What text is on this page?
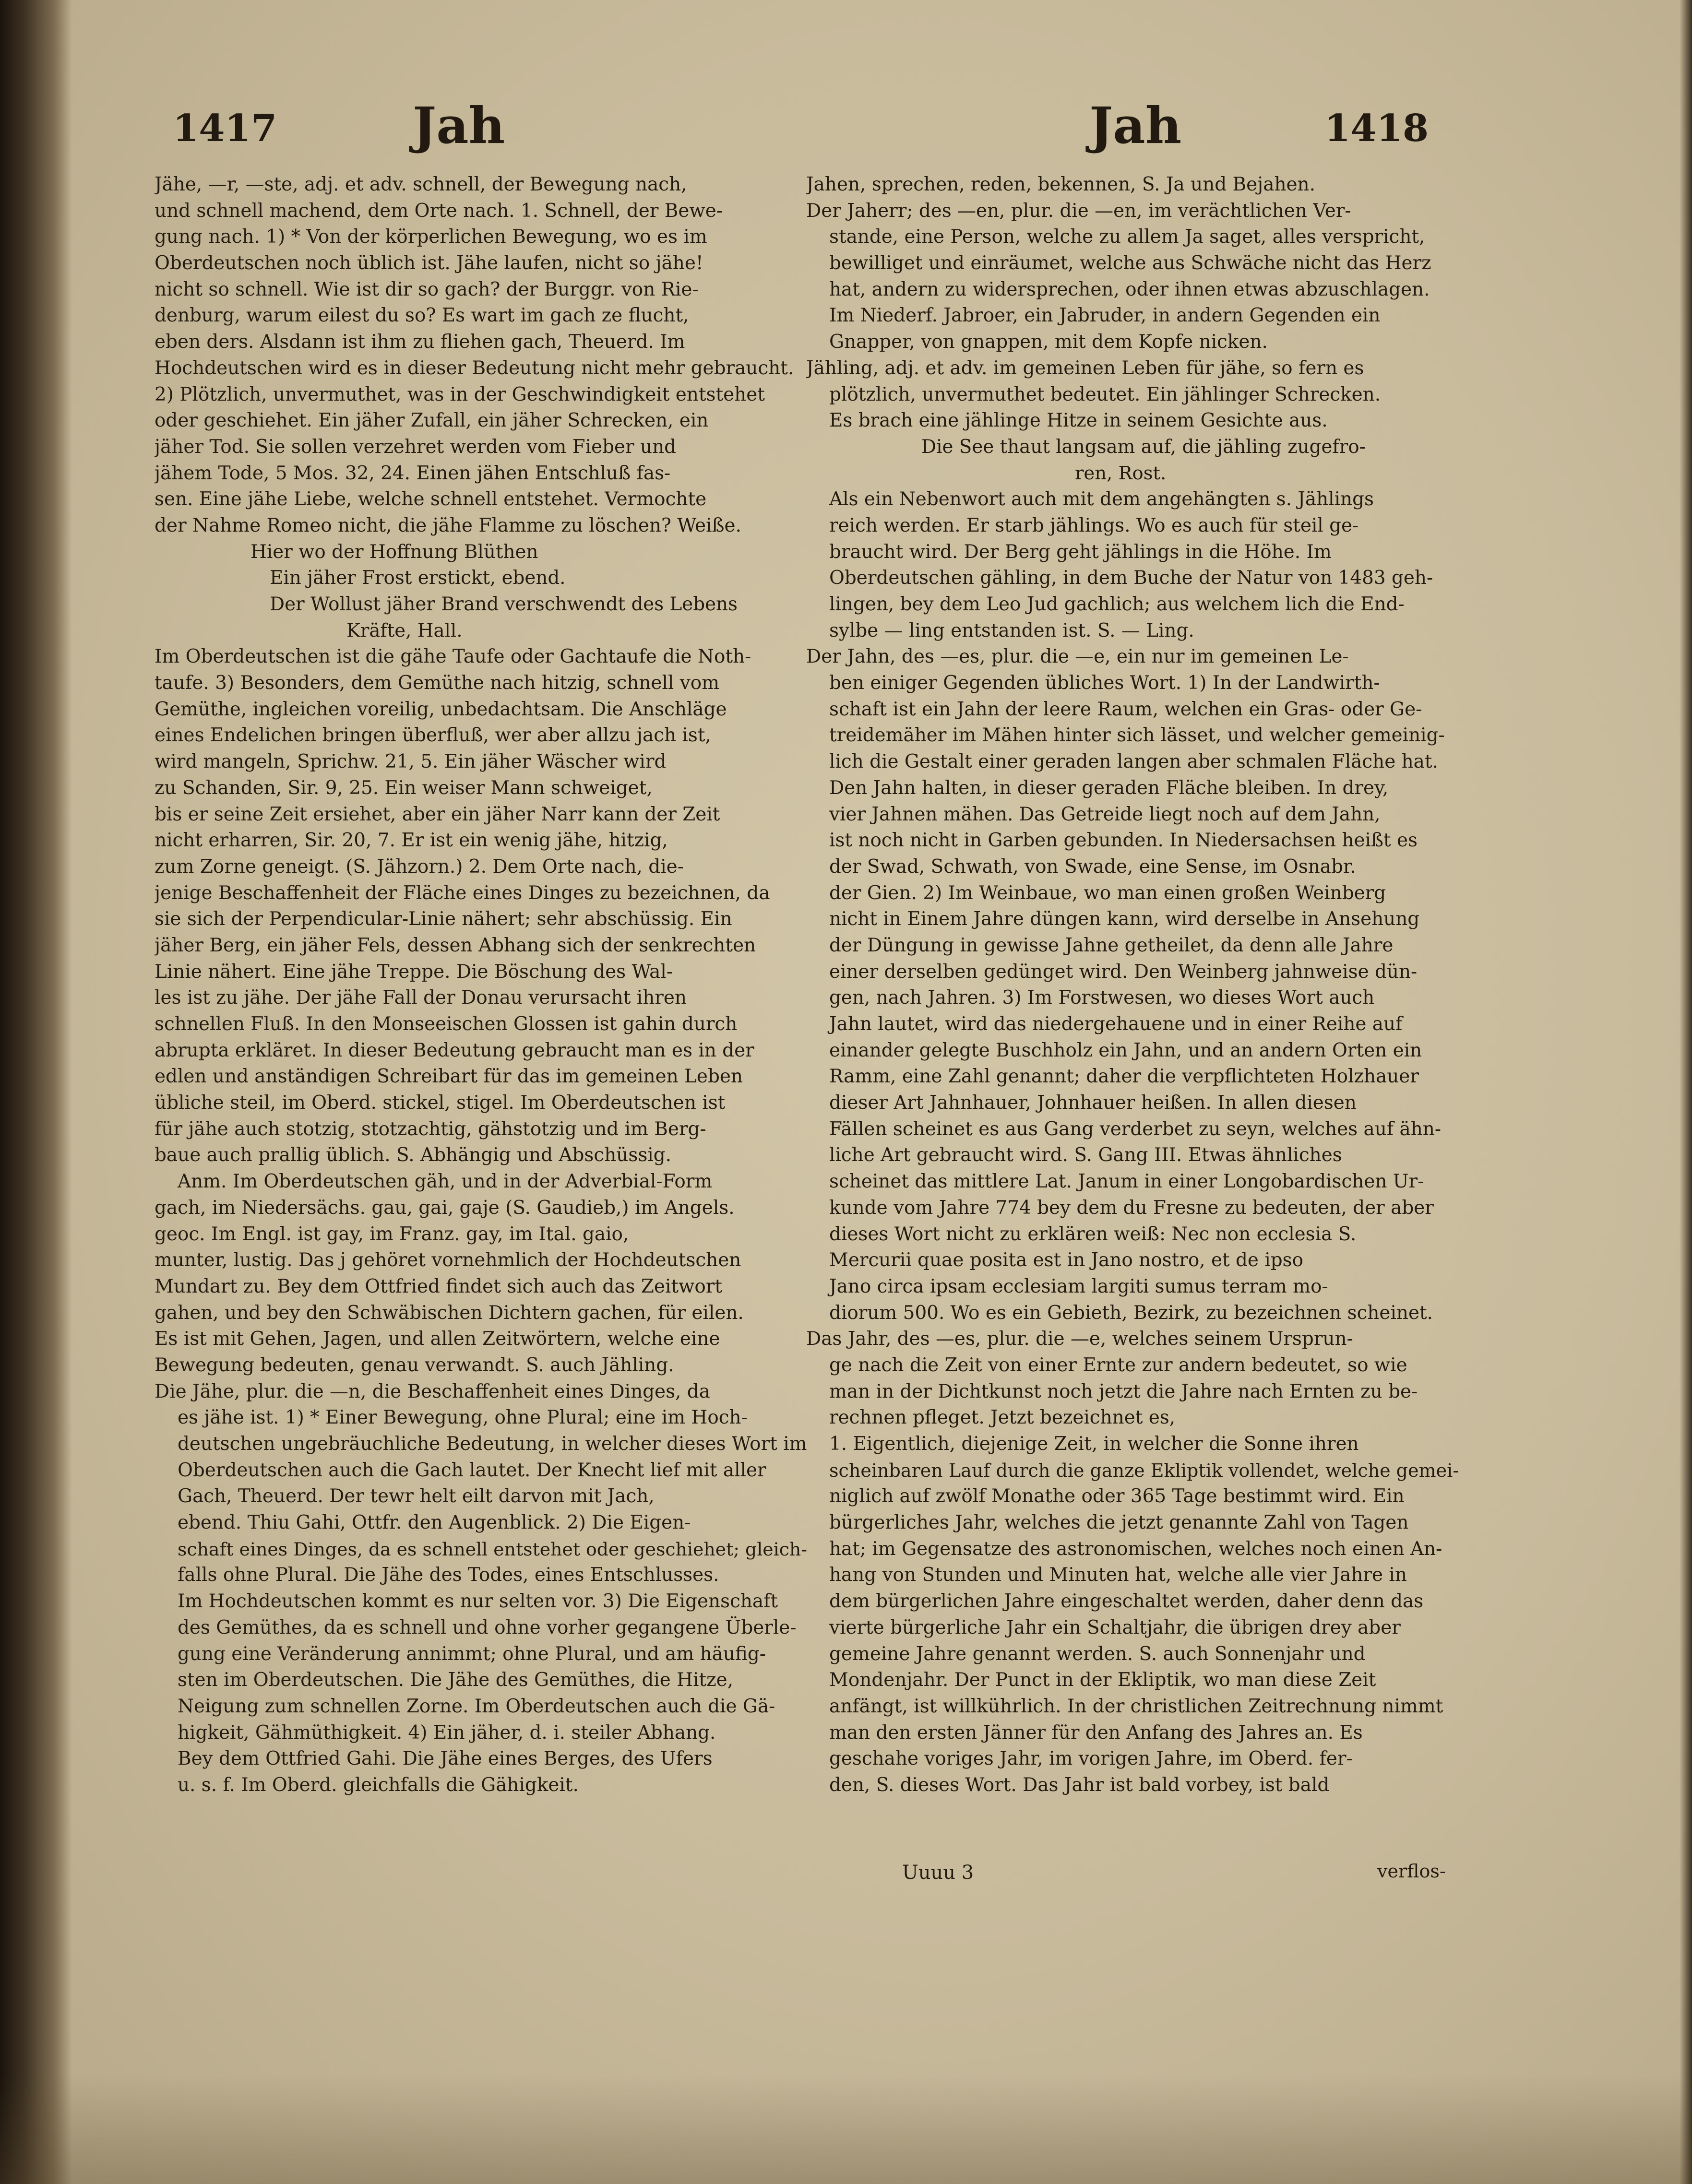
1417	Jah	Jah	1418
Jähe, —r, —ste, adj. et adv. schnell, der Bewegung nach,
und schnell machend, dem Orte nach. 1. Schnell, der Bewe-
gung nach. 1) * Von der körperlichen Bewegung, wo es im
Oberdeutschen noch üblich ist. Jähe laufen, nicht so jähe!
nicht so schnell. Wie ist dir so gach? der Burggr. von Rie-
denburg, warum eilest du so? Es wart im gach ze flucht,
eben ders. Alsdann ist ihm zu fliehen gach, Theuerd. Im
Hochdeutschen wird es in dieser Bedeutung nicht mehr gebraucht.
2) Plötzlich, unvermuthet, was in der Geschwindigkeit entstehet
oder geschiehet. Ein jäher Zufall, ein jäher Schrecken, ein
jäher Tod. Sie sollen verzehret werden vom Fieber und
jähem Tode, 5 Mos. 32, 24. Einen jähen Entschluß fas-
sen. Eine jähe Liebe, welche schnell entstehet. Vermochte
der Nahme Romeo nicht, die jähe Flamme zu löschen? Weiße.
Hier wo der Hoffnung Blüthen
Ein jäher Frost erstickt, ebend.
Der Wollust jäher Brand verschwendt des Lebens
Kräfte, Hall.
Im Oberdeutschen ist die gähe Taufe oder Gachtaufe die Noth-
taufe. 3) Besonders, dem Gemüthe nach hitzig, schnell vom
Gemüthe, ingleichen voreilig, unbedachtsam. Die Anschläge
eines Endelichen bringen überfluß, wer aber allzu jach ist,
wird mangeln, Sprichw. 21, 5. Ein jäher Wäscher wird
zu Schanden, Sir. 9, 25. Ein weiser Mann schweiget,
bis er seine Zeit ersiehet, aber ein jäher Narr kann der Zeit
nicht erharren, Sir. 20, 7. Er ist ein wenig jähe, hitzig,
zum Zorne geneigt. (S. Jähzorn.) 2. Dem Orte nach, die-
jenige Beschaffenheit der Fläche eines Dinges zu bezeichnen, da
sie sich der Perpendicular-Linie nähert; sehr abschüssig. Ein
jäher Berg, ein jäher Fels, dessen Abhang sich der senkrechten
Linie nähert. Eine jähe Treppe. Die Böschung des Wal-
les ist zu jähe. Der jähe Fall der Donau verursacht ihren
schnellen Fluß. In den Monseeischen Glossen ist gahin durch
abrupta erkläret. In dieser Bedeutung gebraucht man es in der
edlen und anständigen Schreibart für das im gemeinen Leben
übliche steil, im Oberd. stickel, stigel. Im Oberdeutschen ist
für jähe auch stotzig, stotzachtig, gähstotzig und im Berg-
baue auch prallig üblich. S. Abhängig und Abschüssig.
Anm. Im Oberdeutschen gäh, und in der Adverbial-Form
gach, im Niedersächs. gau, gai, gaje (S. Gaudieb,) im Angels.
geoc. Im Engl. ist gay, im Franz. gay, im Ital. gaio,
munter, lustig. Das j gehöret vornehmlich der Hochdeutschen
Mundart zu. Bey dem Ottfried findet sich auch das Zeitwort
gahen, und bey den Schwäbischen Dichtern gachen, für eilen.
Es ist mit Gehen, Jagen, und allen Zeitwörtern, welche eine
Bewegung bedeuten, genau verwandt. S. auch Jähling.
Die Jähe, plur. die —n, die Beschaffenheit eines Dinges, da
es jähe ist. 1) * Einer Bewegung, ohne Plural; eine im Hoch-
deutschen ungebräuchliche Bedeutung, in welcher dieses Wort im
Oberdeutschen auch die Gach lautet. Der Knecht lief mit aller
Gach, Theuerd. Der tewr helt eilt darvon mit Jach,
ebend. Thiu Gahi, Ottfr. den Augenblick. 2) Die Eigen-
schaft eines Dinges, da es schnell entstehet oder geschiehet; gleich-
falls ohne Plural. Die Jähe des Todes, eines Entschlusses.
Im Hochdeutschen kommt es nur selten vor. 3) Die Eigenschaft
des Gemüthes, da es schnell und ohne vorher gegangene Überle-
gung eine Veränderung annimmt; ohne Plural, und am häufig-
sten im Oberdeutschen. Die Jähe des Gemüthes, die Hitze,
Neigung zum schnellen Zorne. Im Oberdeutschen auch die Gä-
higkeit, Gähmüthigkeit. 4) Ein jäher, d. i. steiler Abhang.
Bey dem Ottfried Gahi. Die Jähe eines Berges, des Ufers
u. s. f. Im Oberd. gleichfalls die Gähigkeit.
Jahen, sprechen, reden, bekennen, S. Ja und Bejahen.
Der Jaherr; des —en, plur. die —en, im verächtlichen Ver-
stande, eine Person, welche zu allem Ja saget, alles verspricht,
bewilliget und einräumet, welche aus Schwäche nicht das Herz
hat, andern zu widersprechen, oder ihnen etwas abzuschlagen.
Im Niederf. Jabroer, ein Jabruder, in andern Gegenden ein
Gnapper, von gnappen, mit dem Kopfe nicken.
Jähling, adj. et adv. im gemeinen Leben für jähe, so fern es
plötzlich, unvermuthet bedeutet. Ein jählinger Schrecken.
Es brach eine jählinge Hitze in seinem Gesichte aus.
Die See thaut langsam auf, die jähling zugefro-
ren, Rost.
Als ein Nebenwort auch mit dem angehängten s. Jählings
reich werden. Er starb jählings. Wo es auch für steil ge-
braucht wird. Der Berg geht jählings in die Höhe. Im
Oberdeutschen gähling, in dem Buche der Natur von 1483 geh-
lingen, bey dem Leo Jud gachlich; aus welchem lich die End-
sylbe — ling entstanden ist. S. — Ling.
Der Jahn, des —es, plur. die —e, ein nur im gemeinen Le-
ben einiger Gegenden übliches Wort. 1) In der Landwirth-
schaft ist ein Jahn der leere Raum, welchen ein Gras- oder Ge-
treidemäher im Mähen hinter sich lässet, und welcher gemeinig-
lich die Gestalt einer geraden langen aber schmalen Fläche hat.
Den Jahn halten, in dieser geraden Fläche bleiben. In drey,
vier Jahnen mähen. Das Getreide liegt noch auf dem Jahn,
ist noch nicht in Garben gebunden. In Niedersachsen heißt es
der Swad, Schwath, von Swade, eine Sense, im Osnabr.
der Gien. 2) Im Weinbaue, wo man einen großen Weinberg
nicht in Einem Jahre düngen kann, wird derselbe in Ansehung
der Düngung in gewisse Jahne getheilet, da denn alle Jahre
einer derselben gedünget wird. Den Weinberg jahnweise dün-
gen, nach Jahren. 3) Im Forstwesen, wo dieses Wort auch
Jahn lautet, wird das niedergehauene und in einer Reihe auf
einander gelegte Buschholz ein Jahn, und an andern Orten ein
Ramm, eine Zahl genannt; daher die verpflichteten Holzhauer
dieser Art Jahnhauer, Johnhauer heißen. In allen diesen
Fällen scheinet es aus Gang verderbet zu seyn, welches auf ähn-
liche Art gebraucht wird. S. Gang III. Etwas ähnliches
scheinet das mittlere Lat. Janum in einer Longobardischen Ur-
kunde vom Jahre 774 bey dem du Fresne zu bedeuten, der aber
dieses Wort nicht zu erklären weiß: Nec non ecclesia S.
Mercurii quae posita est in Jano nostro, et de ipso
Jano circa ipsam ecclesiam largiti sumus terram mo-
diorum 500. Wo es ein Gebieth, Bezirk, zu bezeichnen scheinet.
Das Jahr, des —es, plur. die —e, welches seinem Ursprun-
ge nach die Zeit von einer Ernte zur andern bedeutet, so wie
man in der Dichtkunst noch jetzt die Jahre nach Ernten zu be-
rechnen pfleget. Jetzt bezeichnet es,
1. Eigentlich, diejenige Zeit, in welcher die Sonne ihren
scheinbaren Lauf durch die ganze Ekliptik vollendet, welche gemei-
niglich auf zwölf Monathe oder 365 Tage bestimmt wird. Ein
bürgerliches Jahr, welches die jetzt genannte Zahl von Tagen
hat; im Gegensatze des astronomischen, welches noch einen An-
hang von Stunden und Minuten hat, welche alle vier Jahre in
dem bürgerlichen Jahre eingeschaltet werden, daher denn das
vierte bürgerliche Jahr ein Schaltjahr, die übrigen drey aber
gemeine Jahre genannt werden. S. auch Sonnenjahr und
Mondenjahr. Der Punct in der Ekliptik, wo man diese Zeit
anfängt, ist willkührlich. In der christlichen Zeitrechnung nimmt
man den ersten Jänner für den Anfang des Jahres an. Es
geschahe voriges Jahr, im vorigen Jahre, im Oberd. fer-
den, S. dieses Wort. Das Jahr ist bald vorbey, ist bald
Uuuu 3	verflos-
